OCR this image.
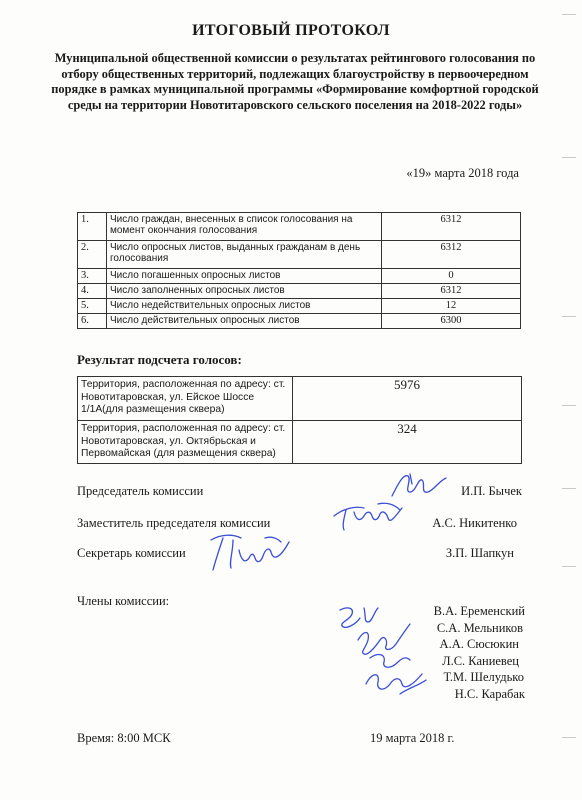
ИТОГОВЫЙ ПРОТОКОЛ
Муниципальной общественной комиссии о результатах рейтингового голосования по отбору общественных территорий, подлежащих благоустройству в первоочередном порядке в рамках муниципальной программы «Формирование комфортной городской среды на территории Новотитаровского сельского поселения на 2018-2022 годы»
«19» марта 2018 года
1.	Число граждан, внесенных в список голосования на момент окончания голосования	6312
2.	Число опросных листов, выданных гражданам в день голосования	6312
3.	Число погашенных опросных листов	0
4.	Число заполненных опросных листов	6312
5.	Число недействительных опросных листов	12
6.	Число действительных опросных листов	6300
Результат подсчета голосов:
Территория, расположенная по адресу: ст. Новотитаровская, ул. Ейское Шоссе 1/1А(для размещения сквера)	5976
Территория, расположенная по адресу: ст. Новотитаровская, ул. Октябрьская и Первомайская (для размещения сквера)	324
Председатель комиссии	И.П. Бычек
Заместитель председателя комиссии	А.С. Никитенко
Секретарь комиссии	З.П. Шапкун
Члены комиссии:
В.А. Еременский
С.А. Мельников
А.А. Сюсюкин
Л.С. Каниевец
Т.М. Шелудько
Н.С. Карабак
Время: 8:00 МСК	19 марта 2018 г.
